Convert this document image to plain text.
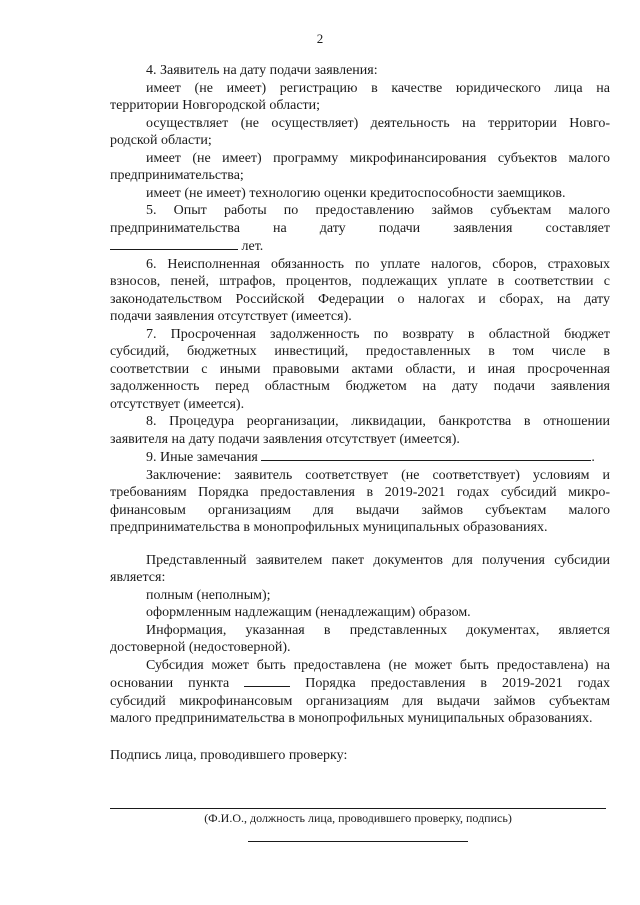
2

4. Заявитель на дату подачи заявления:

имеет (не имеет) регистрацию в качестве юридического лица на

территории Новгородской области;

осуществляет (не осуществляет) деятельность на территории Новго-

родской области;

имеет (не имеет) программу микрофинансирования субъектов малого

предпринимательства;

имеет (не имеет) технологию оценки кредитоспособности заемщиков.

5. Опыт работы по предоставлению займов субъектам малого

предпринимательства на дату подачи заявления составляет

лет.

6. Неисполненная обязанность по уплате налогов, сборов, страховых

взносов, пеней, штрафов, процентов, подлежащих уплате в соответствии с

законодательством Российской Федерации о налогах и сборах, на дату

подачи заявления отсутствует (имеется).

7. Просроченная задолженность по возврату в областной бюджет

субсидий, бюджетных инвестиций, предоставленных в том числе в

соответствии с иными правовыми актами области, и иная просроченная

задолженность перед областным бюджетом на дату подачи заявления

отсутствует (имеется).

8. Процедура реорганизации, ликвидации, банкротства в отношении

заявителя на дату подачи заявления отсутствует (имеется).

9. Иные замечания	.

Заключение: заявитель соответствует (не соответствует) условиям и

требованиям Порядка предоставления в 2019-2021 годах субсидий микро-

финансовым организациям для выдачи займов субъектам малого

предпринимательства в монопрофильных муниципальных образованиях.

Представленный заявителем пакет документов для получения субсидии

является:

полным (неполным);

оформленным надлежащим (ненадлежащим) образом.

Информация, указанная в представленных документах, является

достоверной (недостоверной).

Субсидия может быть предоставлена (не может быть предоставлена) на

основании пункта	Порядка предоставления в 2019-2021 годах

субсидий микрофинансовым организациям для выдачи займов субъектам

малого предпринимательства в монопрофильных муниципальных образованиях.

Подпись лица, проводившего проверку:

(Ф.И.О., должность лица, проводившего проверку, подпись)
